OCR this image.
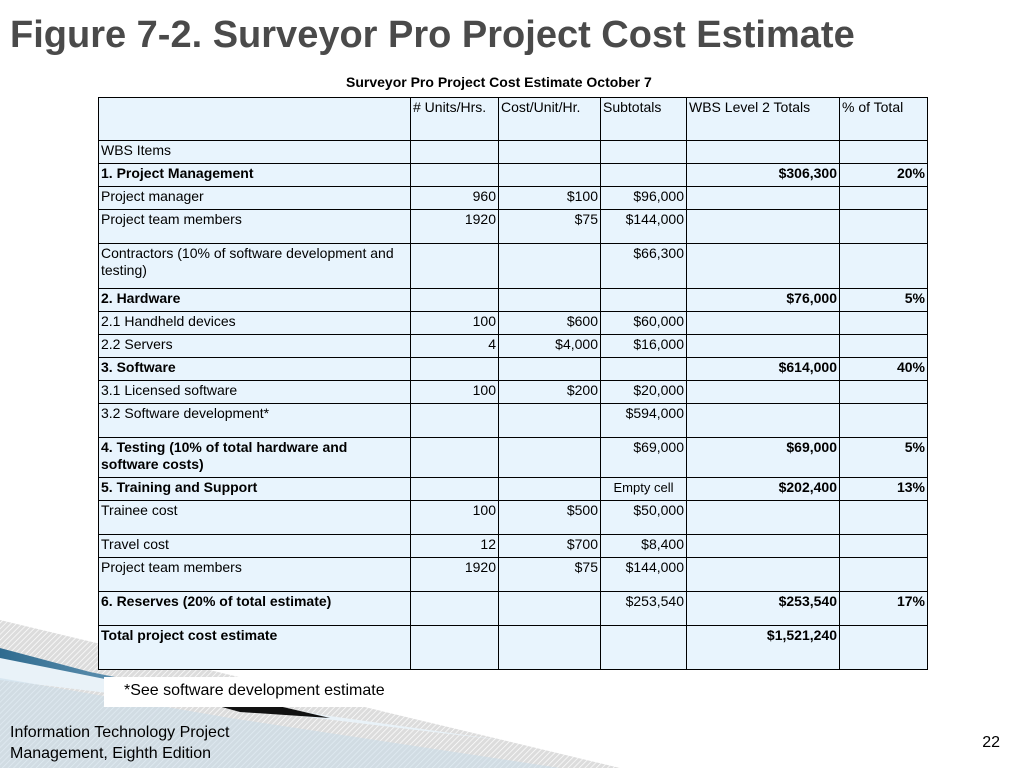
Figure 7-2. Surveyor Pro Project Cost Estimate
Surveyor Pro Project Cost Estimate October 7
	# Units/Hrs.	Cost/Unit/Hr.	Subtotals	WBS Level 2 Totals	% of Total
WBS Items					
1. Project Management				$306,300	20%
Project manager	960	$100	$96,000		
Project team members	1920	$75	$144,000		
Contractors (10% of software development and testing)			$66,300		
2. Hardware				$76,000	5%
2.1 Handheld devices	100	$600	$60,000		
2.2 Servers	4	$4,000	$16,000		
3. Software				$614,000	40%
3.1 Licensed software	100	$200	$20,000		
3.2 Software development*			$594,000		
4. Testing (10% of total hardware and software costs)			$69,000	$69,000	5%
5. Training and Support			Empty cell	$202,400	13%
Trainee cost	100	$500	$50,000		
Travel cost	12	$700	$8,400		
Project team members	1920	$75	$144,000		
6. Reserves (20% of total estimate)			$253,540	$253,540	17%
Total project cost estimate				$1,521,240	
*See software development estimate
Information Technology Project Management, Eighth Edition
22
